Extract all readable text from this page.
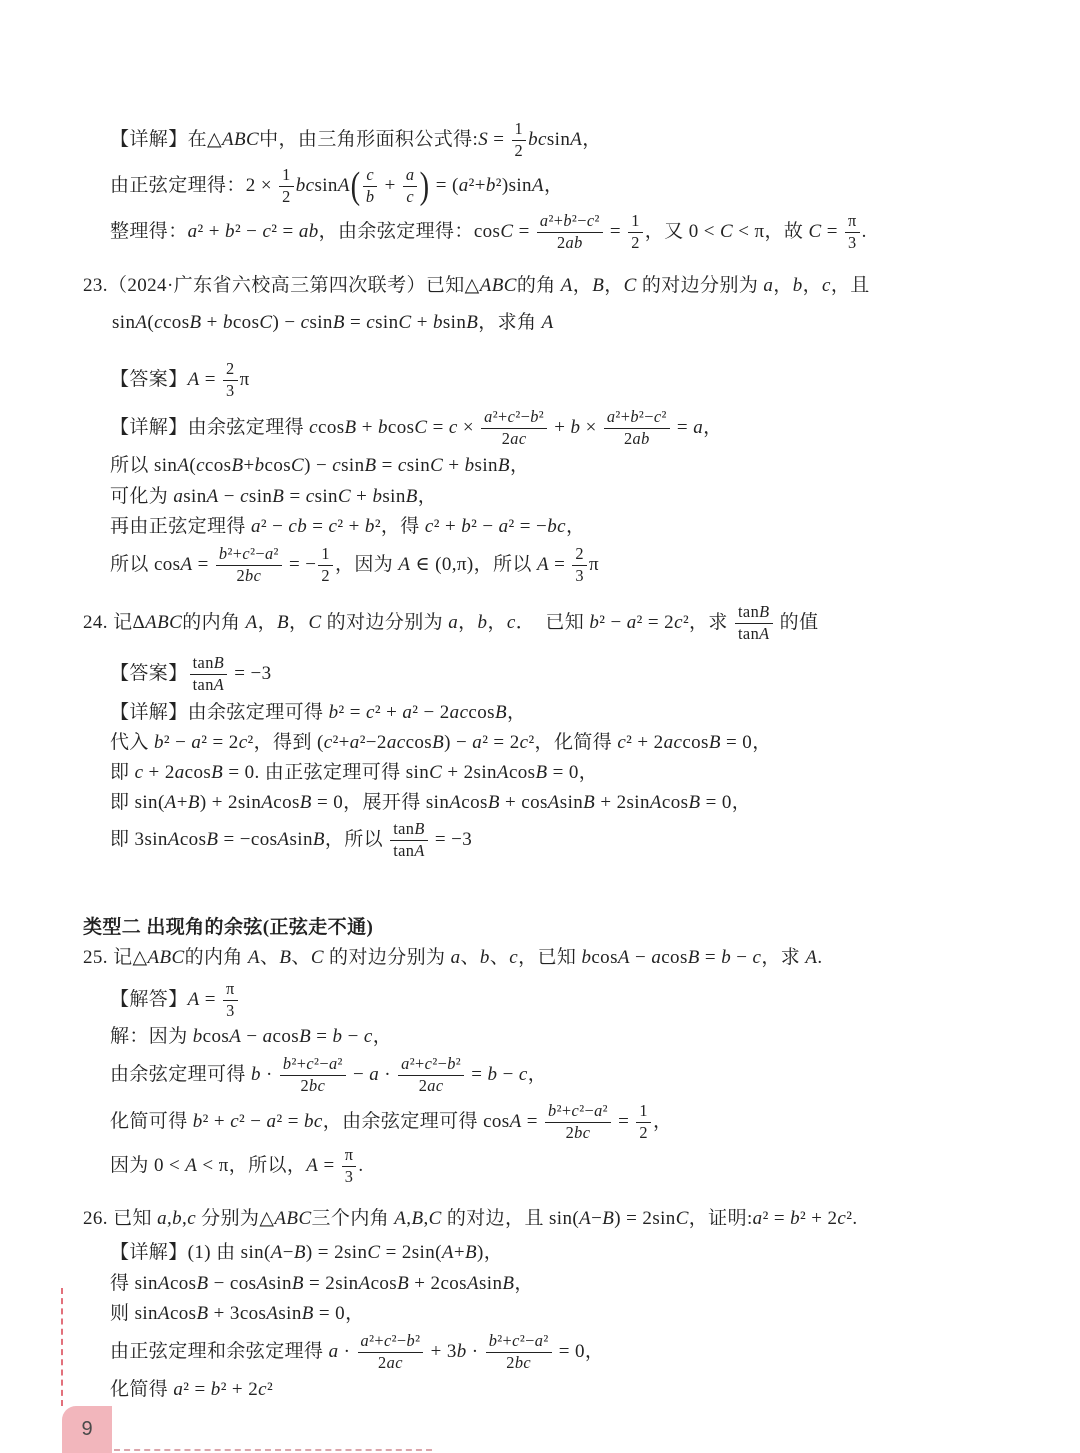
【详解】在△ABC中，由三角形面积公式得:S = $\frac{1}{2}$ bcsinA，
由正弦定理得：$2 \times \frac{1}{2}$ bcsinA ( $\frac{c}{b} + \frac{a}{c}$ ) = (a²+b²)sinA，
整理得：a² + b² − c² = ab，由余弦定理得：$\cos C = \frac{\text{a²+b²−c²}}{2ab} = \frac{1}{2}$ ，又 0 < C < π，故 $C = \frac{\pi}{3}$ .
23.（2024·广东省六校高三第四次联考）已知△ABC的角 A，B，C 的对边分别为 a，b，c，且
sinA(ccosB + bcosC) − csinB = csinC + bsinB，求角 A
【答案】$A = \frac{2}{3}$ π
【详解】由余弦定理得 $ccosB + bcosC = c \times \frac{\text{a²+c²−b²}}{2ac} + b \times \frac{\text{a²+b²−c²}}{2ab} = a$，
所以 sinA(ccosB+bcosC) − csinB = csinC + bsinB，
可化为 asinA − csinB = csinC + bsinB，
再由正弦定理得 a² − cb = c² + b²，得 c² + b² − a² = −bc，
所以 $\cos A = \frac{\text{b²+c²−a²}}{2bc}$ = − $\frac{1}{2}$ ，因为 A ∈ (0,π)，所以 $A = \frac{2}{3}$ π
24. 记ΔABC的内角 A，B，C 的对边分别为 a，b，c．  已知 b² − a² = 2c²，求 $\frac{\tan B}{\tan A}$ 的值
【答案】 $\frac{\tan B}{\tan A} = -3$
【详解】由余弦定理可得 b² = c² + a² − 2accosB，
代入 b² − a² = 2c²，得到 (c²+a²−2accosB) − a² = 2c²，化简得 c² + 2accosB = 0，
即 c + 2acosB = 0. 由正弦定理可得 sinC + 2sinAcosB = 0，
即 sin(A+B) + 2sinAcosB = 0，展开得 sinAcosB + cosAsinB + 2sinAcosB = 0，
即 3sinAcosB = −cosAsinB，所以 $\frac{\tan B}{\tan A} = -3$
类型二 出现角的余弦(正弦走不通)
25. 记△ABC的内角 A、B、C 的对边分别为 a、b、c，已知 bcosA − acosB = b − c，求 A.
【解答】$A = \frac{\pi}{3}$
解：因为 bcosA − acosB = b − c，
由余弦定理可得 $b \cdot \frac{\text{b²+c²−a²}}{2bc} - a \cdot \frac{\text{a²+c²−b²}}{2ac} = b - c$，
化简可得 b² + c² − a² = bc，由余弦定理可得 $\cos A = \frac{\text{b²+c²−a²}}{2bc} = \frac{1}{2}$ ，
因为 0 < A < π，所以，$A = \frac{\pi}{3}$ .
26. 已知 a,b,c 分别为△ABC三个内角 A,B,C 的对边，且 sin(A−B) = 2sinC，证明:a² = b² + 2c².
【详解】(1) 由 sin(A−B) = 2sinC = 2sin(A+B)，
得 sinAcosB − cosAsinB = 2sinAcosB + 2cosAsinB，
则 sinAcosB + 3cosAsinB = 0，
由正弦定理和余弦定理得 $a \cdot \frac{\text{a²+c²−b²}}{2ac} + 3b \cdot \frac{\text{b²+c²−a²}}{2bc} = 0$，
化简得 a² = b² + 2c²
9
